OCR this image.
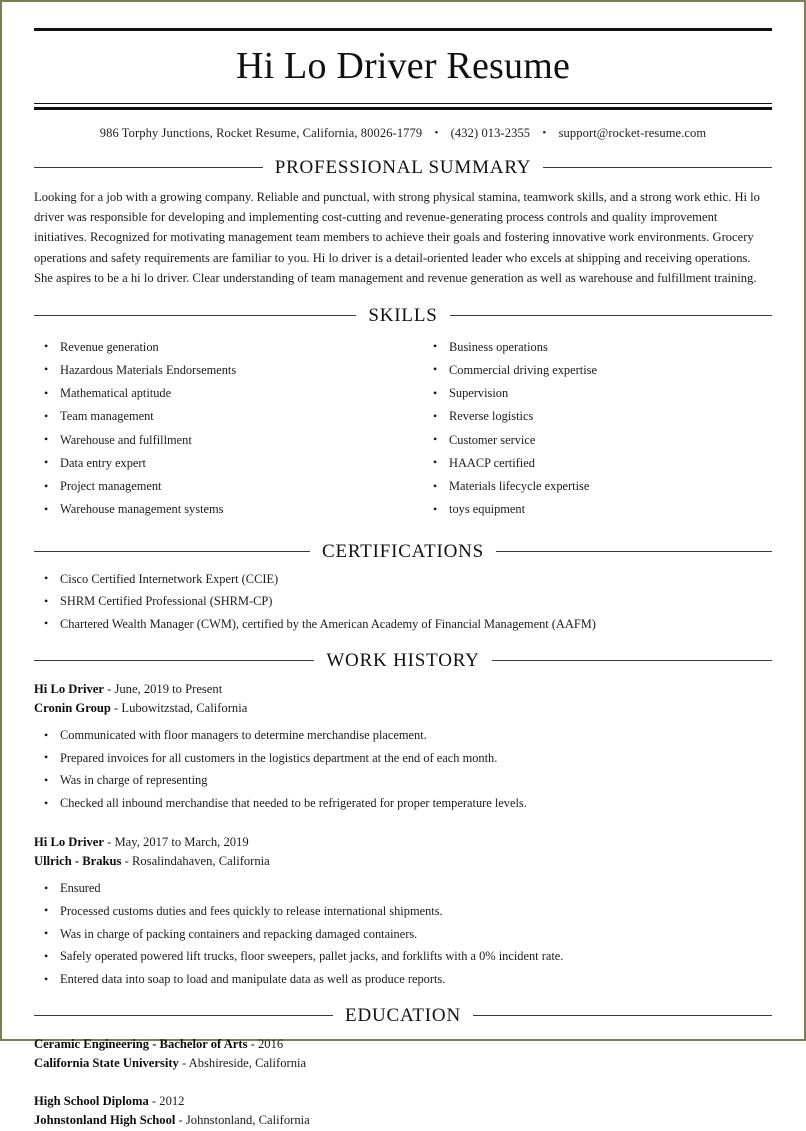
Hi Lo Driver Resume
986 Torphy Junctions, Rocket Resume, California, 80026-1779 • (432) 013-2355 • support@rocket-resume.com
PROFESSIONAL SUMMARY

Looking for a job with a growing company. Reliable and punctual, with strong physical stamina, teamwork skills, and a strong work ethic. Hi lo driver was responsible for developing and implementing cost-cutting and revenue-generating process controls and quality improvement initiatives. Recognized for motivating management team members to achieve their goals and fostering innovative work environments. Grocery operations and safety requirements are familiar to you. Hi lo driver is a detail-oriented leader who excels at shipping and receiving operations. She aspires to be a hi lo driver. Clear understanding of team management and revenue generation as well as warehouse and fulfillment training.

SKILLS
• Revenue generation
• Hazardous Materials Endorsements
• Mathematical aptitude
• Team management
• Warehouse and fulfillment
• Data entry expert
• Project management
• Warehouse management systems
• Business operations
• Commercial driving expertise
• Supervision
• Reverse logistics
• Customer service
• HAACP certified
• Materials lifecycle expertise
• toys equipment
CERTIFICATIONS
• Cisco Certified Internetwork Expert (CCIE)
• SHRM Certified Professional (SHRM-CP)
• Chartered Wealth Manager (CWM), certified by the American Academy of Financial Management (AAFM)
WORK HISTORY
Hi Lo Driver - June, 2019 to Present
Cronin Group - Lubowitzstad, California
• Communicated with floor managers to determine merchandise placement.
• Prepared invoices for all customers in the logistics department at the end of each month.
• Was in charge of representing
• Checked all inbound merchandise that needed to be refrigerated for proper temperature levels.
Hi Lo Driver - May, 2017 to March, 2019
Ullrich - Brakus - Rosalindahaven, California
• Ensured
• Processed customs duties and fees quickly to release international shipments.
• Was in charge of packing containers and repacking damaged containers.
• Safely operated powered lift trucks, floor sweepers, pallet jacks, and forklifts with a 0% incident rate.
• Entered data into soap to load and manipulate data as well as produce reports.
EDUCATION
Ceramic Engineering - Bachelor of Arts - 2016
California State University - Abshireside, California
High School Diploma - 2012
Johnstonland High School - Johnstonland, California
